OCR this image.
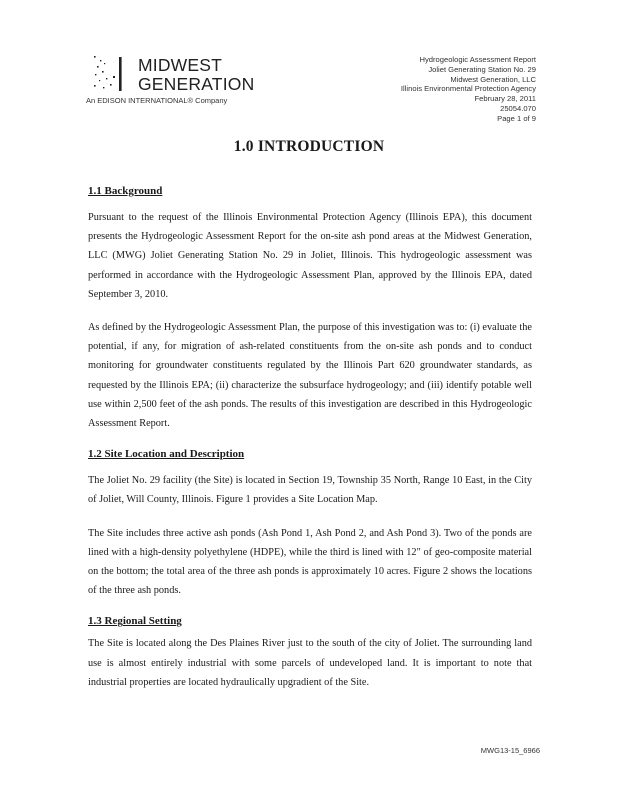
MIDWEST
GENERATION
An EDISON INTERNATIONAL® Company
Hydrogeologic Assessment Report
Joliet Generating Station No. 29
Midwest Generation, LLC
Illinois Environmental Protection Agency
February 28, 2011
25054.070
Page 1 of 9
1.0 INTRODUCTION
1.1 Background

Pursuant to the request of the Illinois Environmental Protection Agency (Illinois EPA), this document presents the Hydrogeologic Assessment Report for the on-site ash pond areas at the Midwest Generation, LLC (MWG) Joliet Generating Station No. 29 in Joliet, Illinois. This hydrogeologic assessment was performed in accordance with the Hydrogeologic Assessment Plan, approved by the Illinois EPA, dated September 3, 2010.

As defined by the Hydrogeologic Assessment Plan, the purpose of this investigation was to: (i) evaluate the potential, if any, for migration of ash-related constituents from the on-site ash ponds and to conduct monitoring for groundwater constituents regulated by the Illinois Part 620 groundwater standards, as requested by the Illinois EPA; (ii) characterize the subsurface hydrogeology; and (iii) identify potable well use within 2,500 feet of the ash ponds. The results of this investigation are described in this Hydrogeologic Assessment Report.

1.2 Site Location and Description

The Joliet No. 29 facility (the Site) is located in Section 19, Township 35 North, Range 10 East, in the City of Joliet, Will County, Illinois. Figure 1 provides a Site Location Map.

The Site includes three active ash ponds (Ash Pond 1, Ash Pond 2, and Ash Pond 3). Two of the ponds are lined with a high-density polyethylene (HDPE), while the third is lined with 12" of geo-composite material on the bottom; the total area of the three ash ponds is approximately 10 acres. Figure 2 shows the locations of the three ash ponds.

1.3 Regional Setting

The Site is located along the Des Plaines River just to the south of the city of Joliet. The surrounding land use is almost entirely industrial with some parcels of undeveloped land. It is important to note that industrial properties are located hydraulically upgradient of the Site.

MWG13-15_6966
